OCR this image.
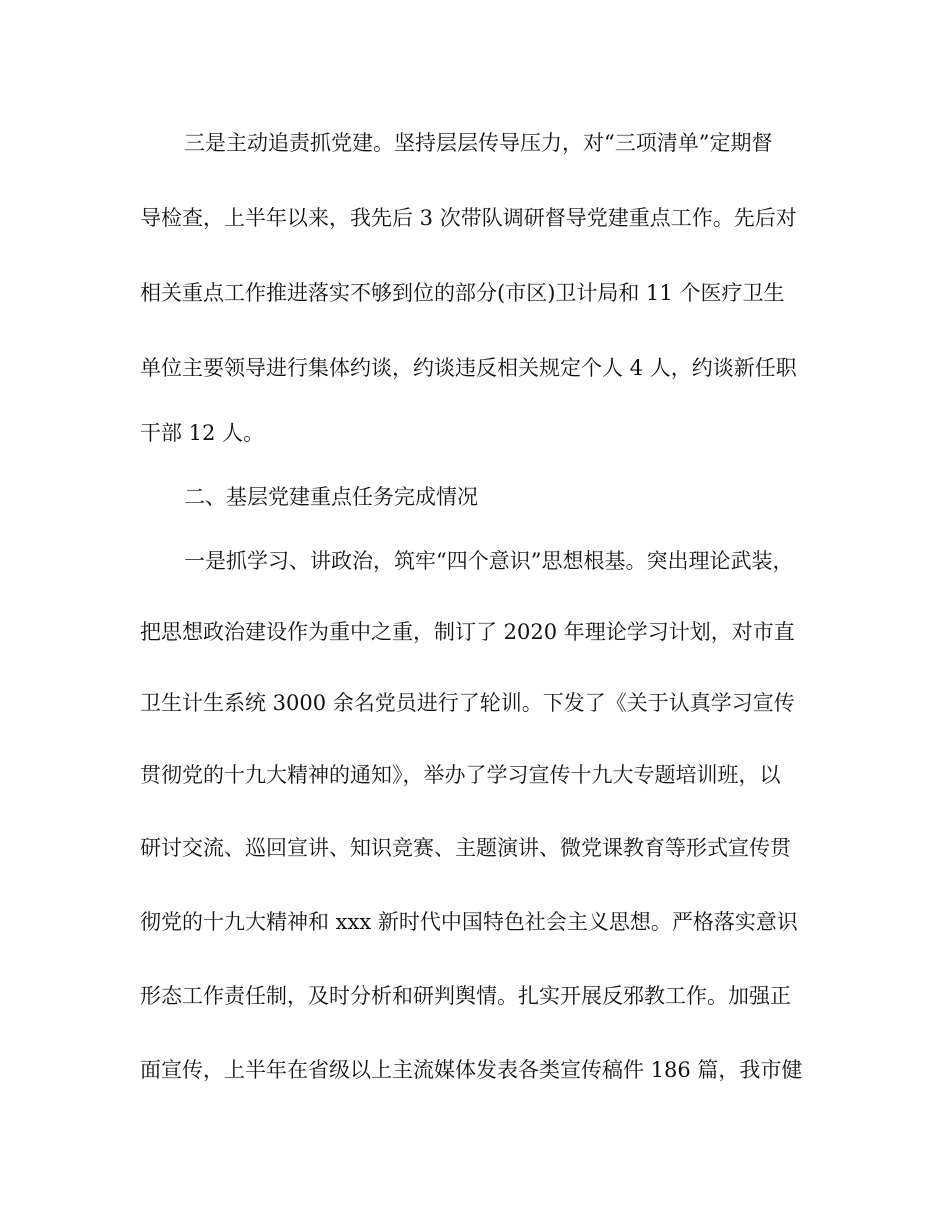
三是主动追责抓党建。坚持层层传导压力，对“三项清单”定期督
导检查，上半年以来，我先后 3 次带队调研督导党建重点工作。先后对
相关重点工作推进落实不够到位的部分(市区)卫计局和 11 个医疗卫生
单位主要领导进行集体约谈，约谈违反相关规定个人 4 人，约谈新任职
干部 12 人。
二、基层党建重点任务完成情况
一是抓学习、讲政治，筑牢“四个意识”思想根基。突出理论武装，
把思想政治建设作为重中之重，制订了 2020 年理论学习计划，对市直
卫生计生系统 3000 余名党员进行了轮训。下发了《关于认真学习宣传
贯彻党的十九大精神的通知》，举办了学习宣传十九大专题培训班，以
研讨交流、巡回宣讲、知识竞赛、主题演讲、微党课教育等形式宣传贯
彻党的十九大精神和 xxx 新时代中国特色社会主义思想。严格落实意识
形态工作责任制，及时分析和研判舆情。扎实开展反邪教工作。加强正
面宣传，上半年在省级以上主流媒体发表各类宣传稿件 186 篇，我市健
